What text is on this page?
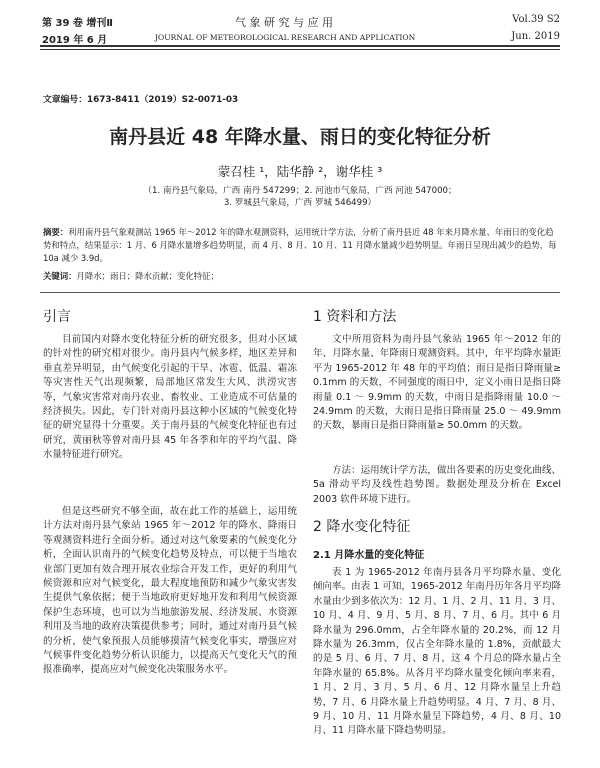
第 39 卷 增刊Ⅱ	气 象 研 究 与 应 用	Vol.39 S2
2019 年 6 月	JOURNAL OF METEOROLOGICAL RESEARCH AND APPLICATION	Jun. 2019
文章编号：1673-8411（2019）S2-0071-03
南丹县近 48 年降水量、雨日的变化特征分析
蒙召桂 ¹，陆华静 ²，谢华桂 ³
（1. 南丹县气象局，广西 南丹 547299；2. 河池市气象局，广西 河池 547000；
3. 罗城县气象局，广西 罗城 546499）
摘要：利用南丹县气象观测站 1965 年～2012 年的降水观测资料，运用统计学方法，分析了南丹县近 48 年来月降水量、年雨日的变化趋势和特点，结果显示：1 月、6 月降水量增多趋势明显，而 4 月、8 月、10 月、11 月降水量减少趋势明显。年雨日呈现出减少的趋势，每 10a 减少 3.9d。
关键词：月降水；雨日；降水贡献；变化特征；
引言
目前国内对降水变化特征分析的研究很多，但对小区域的针对性的研究相对很少。南丹县内气候多样，地区差异和垂直差异明显，由气候变化引起的干旱、冰雹、低温、霜冻等灾害性天气出现频繁，局部地区常发生大风、洪涝灾害等，气象灾害常对南丹农业、畜牧业、工业造成不可估量的经济损失。因此，专门针对南丹县这种小区域的气候变化特征的研究显得十分重要。关于南丹县的气候变化特征也有过研究，黄丽秋等曾对南丹县 45 年各季和年的平均气温、降水量特征进行研究。
但是这些研究不够全面，故在此工作的基础上，运用统计方法对南丹县气象站 1965 年～2012 年的降水、降雨日等观测资料进行全面分析。通过对这气象要素的气候变化分析，全面认识南丹的气候变化趋势及特点，可以便于当地农业部门更加有效合理开展农业综合开发工作，更好的利用气候资源和应对气候变化，最大程度地预防和减少气象灾害发生提供气象依据；便于当地政府更好地开发和利用气候资源保护生态环境，也可以为当地旅游发展、经济发展、水资源利用及当地的政府决策提供参考；同时，通过对南丹县气候的分析，使气象预报人员能够摸清气候变化事实，增强应对气候事件变化趋势分析认识能力，以提高天气变化天气的预报准确率，提高应对气候变化决策服务水平。
1 资料和方法
文中所用资料为南丹县气象站 1965 年～2012 年的年、月降水量、年降雨日观测资料。其中，年平均降水量距平为 1965-2012 年 48 年的平均值；雨日是指日降雨量≥ 0.1mm 的天数，不同强度的雨日中，定义小雨日是指日降雨量 0.1 ～ 9.9mm 的天数，中雨日是指降雨量 10.0 ～ 24.9mm 的天数，大雨日是指日降雨量 25.0 ～ 49.9mm 的天数，暴雨日是指日降雨量≥ 50.0mm 的天数。
方法：运用统计学方法，做出各要素的历史变化曲线、5a 滑动平均及线性趋势图。数据处理及分析在 Excel 2003 软件环境下进行。
2 降水变化特征
2.1 月降水量的变化特征
表 1 为 1965-2012 年南丹县各月平均降水量、变化倾向率。由表 1 可知，1965-2012 年南丹历年各月平均降水量由少到多依次为：12 月、1 月、2 月、11 月、3 月、10 月、4 月、9 月、5 月、8 月、7 月、6 月。其中 6 月降水量为 296.0mm，占全年降水量的 20.2%，而 12 月降水量为 26.3mm，仅占全年降水量的 1.8%，贡献最大的是 5 月、6 月、7 月、8 月，这 4 个月总的降水量占全年降水量的 65.8%。从各月平均降水量变化倾向率来看，1 月、2 月、3 月、5 月、6 月、12 月降水量呈上升趋势，7 月、6 月降水量上升趋势明显。4 月、7 月、8 月、9 月、10 月、11 月降水量呈下降趋势，4 月、8 月、10 月、11 月降水量下降趋势明显。
